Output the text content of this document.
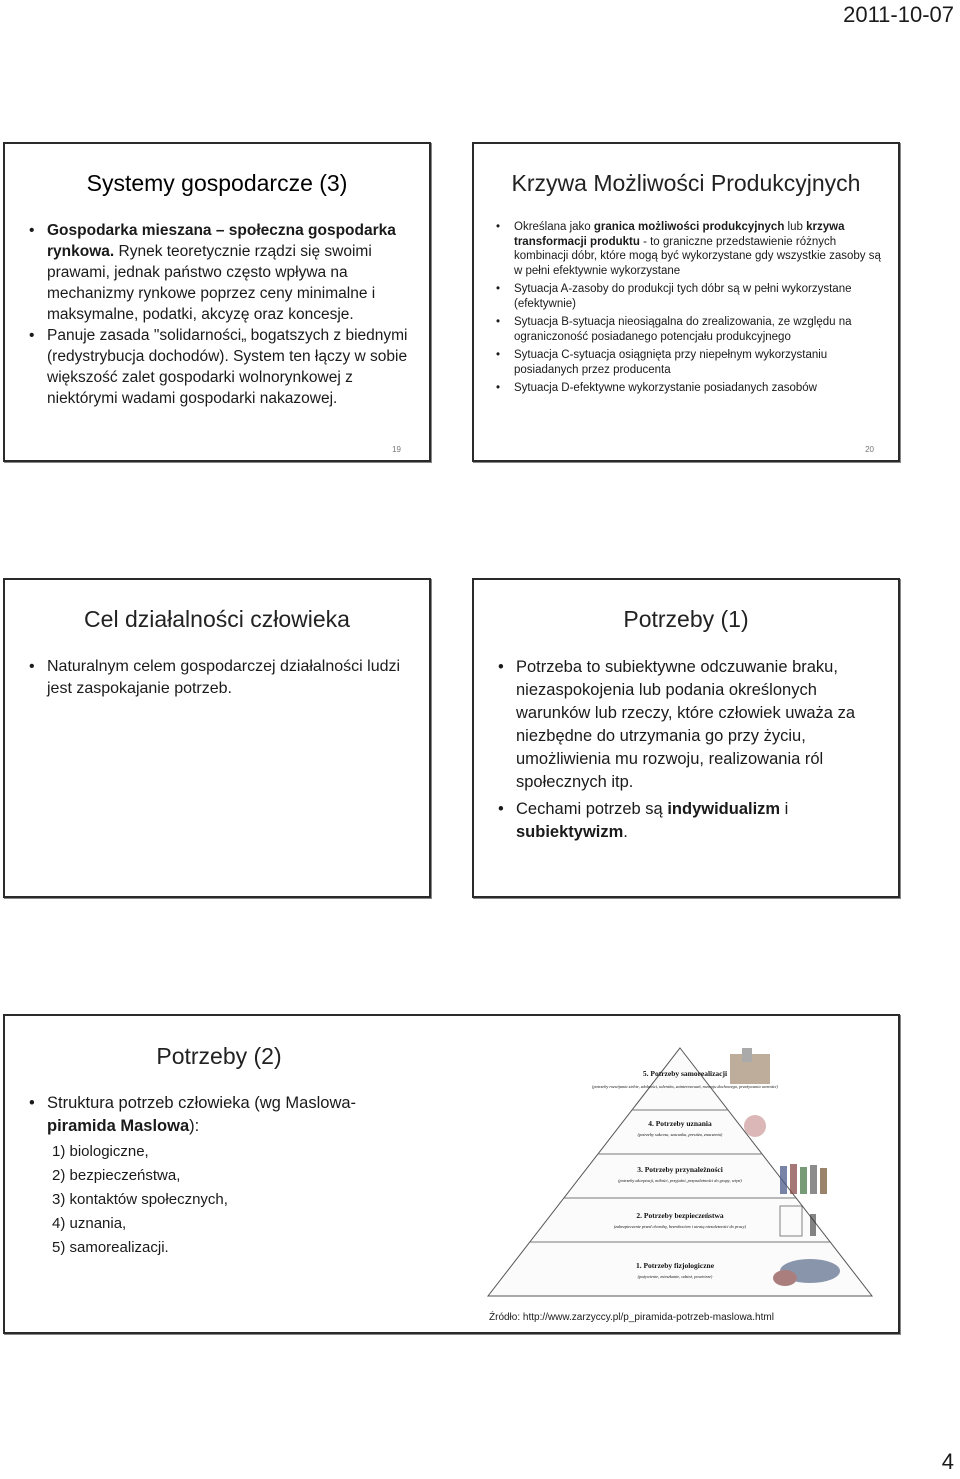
2011-10-07
Systemy gospodarcze (3)
• Gospodarka mieszana – społeczna gospodarka rynkowa. Rynek teoretycznie rządzi się swoimi prawami, jednak państwo często wpływa na mechanizmy rynkowe poprzez ceny minimalne i maksymalne, podatki, akcyzę oraz koncesje.
• Panuje zasada "solidarności„ bogatszych z biednymi (redystrybucja dochodów). System ten łączy w sobie większość zalet gospodarki wolnorynkowej z niektórymi wadami gospodarki nakazowej.
19
Krzywa Możliwości Produkcyjnych
• Określana jako granica możliwości produkcyjnych lub krzywa transformacji produktu - to graniczne przedstawienie różnych kombinacji dóbr, które mogą być wykorzystane gdy wszystkie zasoby są w pełni efektywnie wykorzystane
• Sytuacja A-zasoby do produkcji tych dóbr są w pełni wykorzystane (efektywnie)
• Sytuacja B-sytuacja nieosiągalna do zrealizowania, ze względu na ograniczoność posiadanego potencjału produkcyjnego
• Sytuacja C-sytuacja osiągnięta przy niepełnym wykorzystaniu posiadanych przez producenta
• Sytuacja D-efektywne wykorzystanie posiadanych zasobów
20
Cel działalności człowieka
• Naturalnym celem gospodarczej działalności ludzi jest zaspokajanie potrzeb.
Potrzeby (1)
• Potrzeba to subiektywne odczuwanie braku, niezaspokojenia lub podania określonych warunków lub rzeczy, które człowiek uważa za niezbędne do utrzymania go przy życiu, umożliwienia mu rozwoju, realizowania ról społecznych itp.
• Cechami potrzeb są indywidualizm i subiektywizm.
Potrzeby (2)
• Struktura potrzeb człowieka (wg Maslowa-piramida Maslowa):
1) biologiczne,
2) bezpieczeństwa,
3) kontaktów społecznych,
4) uznania,
5) samorealizacji.
5. Potrzeby samorealizacji
(potrzeby rozwijania siebie, zdolności, talentów, zainteresowań, rozwoju duchowego, przeżywania wartości)
4. Potrzeby uznania
(potrzeby sukcesu, szacunku, prestiżu, znaczenia)
3. Potrzeby przynależności
(potrzeby akceptacji, miłości, przyjaźni, przynależności do grupy, więzi)
2. Potrzeby bezpieczeństwa
(zabezpieczenie przed chorobą, bezrobociem i utratą niezależności do pracy)
1. Potrzeby fizjologiczne
(pożywienie, mieszkanie, odzież, powietrze)
Źródło: http://www.zarzyccy.pl/p_piramida-potrzeb-maslowa.html
4
